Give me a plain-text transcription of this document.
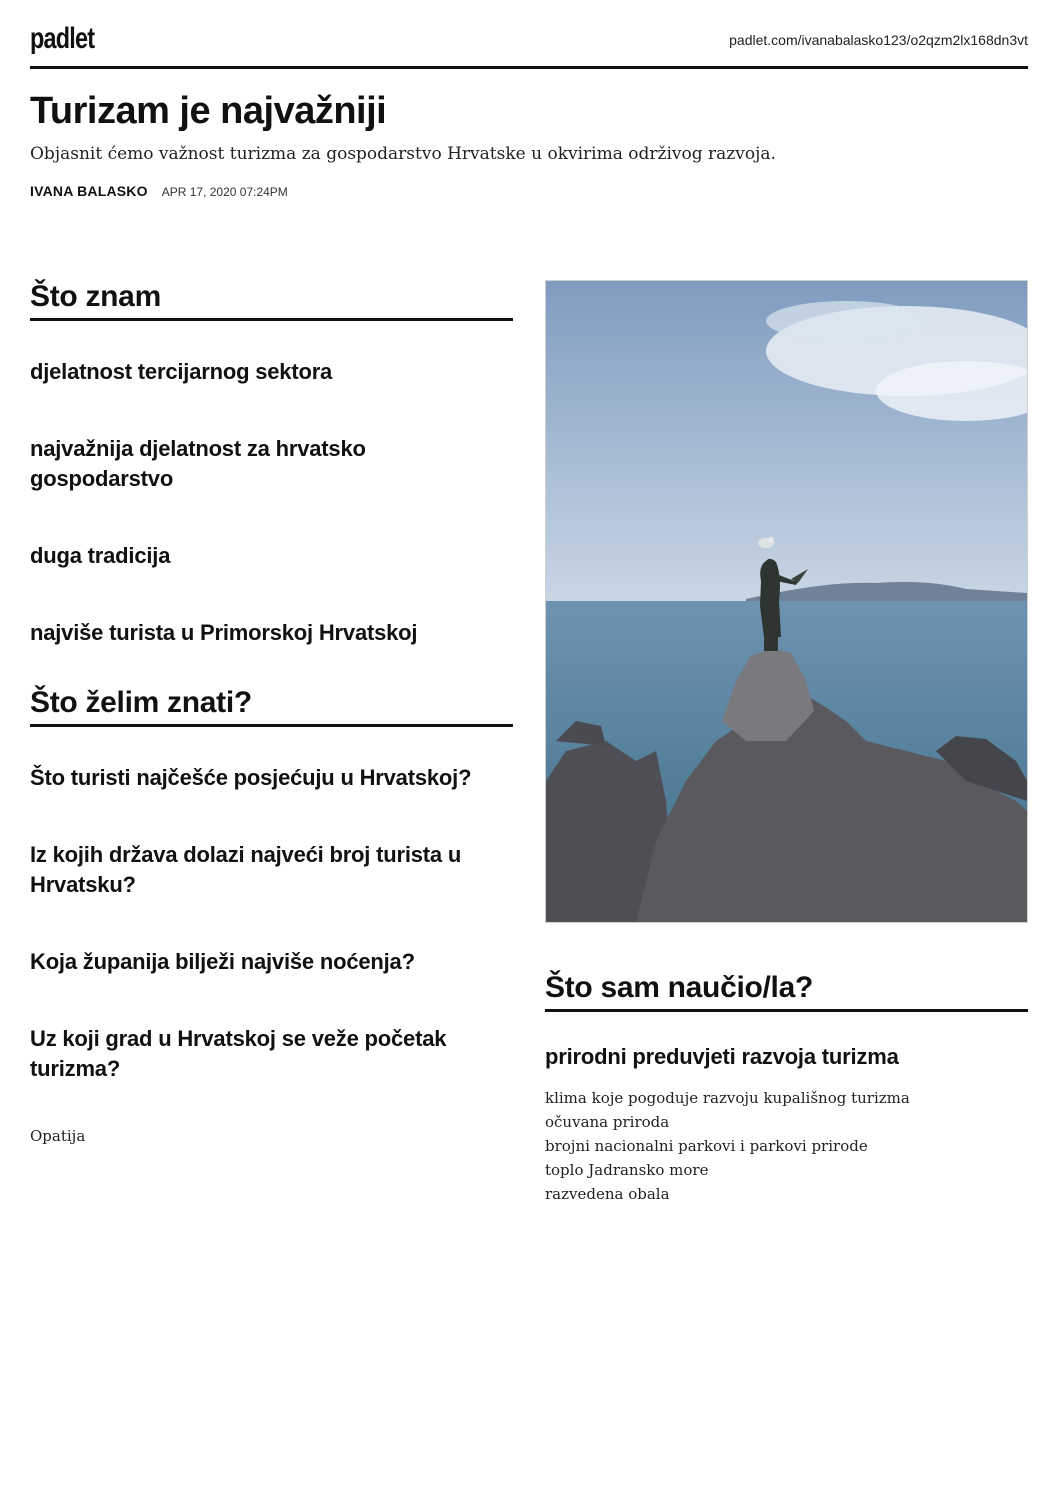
padlet	padlet.com/ivanabalasko123/o2qzm2lx168dn3vt
Turizam je najvažniji
Objasnit ćemo važnost turizma za gospodarstvo Hrvatske u okvirima održivog razvoja.
IVANA BALASKO APR 17, 2020 07:24PM
Što znam

djelatnost tercijarnog sektora

najvažnija djelatnost za hrvatsko gospodarstvo

duga tradicija

najviše turista u Primorskoj Hrvatskoj

Što želim znati?

Što turisti najčešće posjećuju u Hrvatskoj?

Iz kojih država dolazi najveći broj turista u Hrvatsku?

Koja županija bilježi najviše noćenja?

Uz koji grad u Hrvatskoj se veže početak turizma?

Opatija
Što sam naučio/la?

prirodni preduvjeti razvoja turizma

klima koje pogoduje razvoju kupališnog turizma
očuvana priroda
brojni nacionalni parkovi i parkovi prirode
toplo Jadransko more
razvedena obala
